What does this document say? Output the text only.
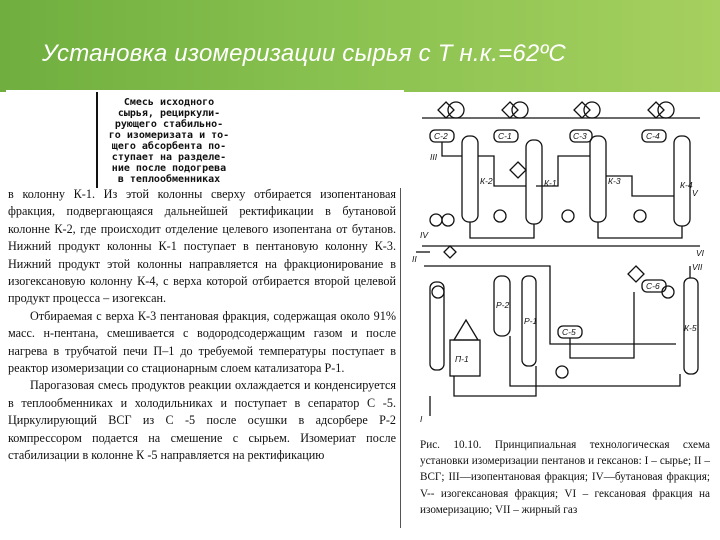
Установка изомеризации сырья с Т н.к.=62ºС
Смесь исходного
сырья, рециркули-
рующего стабильно-
го изомеризата и то-
щего абсорбента по-
ступает на разделе-
ние после подогрева
в теплообменниках

в колонну К-1. Из этой колонны сверху отбирается изопентановая фракция, подвергающаяся дальнейшей ректификации в бутановой колонне К-2, где происходит отделение целевого изопентана от бутанов. Нижний продукт колонны К-1 поступает в пентановую колонну К-3. Нижний продукт этой колонны направляется на фракционирование в изогексановую колонну К-4, с верха которой отбирается второй целевой продукт процесса – изогексан.

Отбираемая с верха К-3 пентановая фракция, содержащая около 91% масс. н-пентана, смешивается с водородсодержащим газом и после нагрева в трубчатой печи П–1 до требуемой температуры поступает в реактор изомеризации со стационарным слоем катализатора Р-1.

Парогазовая смесь продуктов реакции охлаждается и конденсируется в теплообменниках и холодильниках и поступает в сепаратор С -5. Циркулирующий ВСГ из С -5 после осушки в адсорбере Р-2 компрессором подается на смешение с сырьем. Изомериат после стабилизации в колонне К -5 направляется на ректификацию

С-2	С-1	С-3	С-4
С-6
С-5
К-2	К-1	К-3	К-4
К-5
Р-1
Р-2
П-1
I
II
III
IV
V
VI
VII
Рис. 10.10. Принципиальная технологическая схема установки изомеризации пентанов и гексанов: I – сырье; II – ВСГ; III—изопентановая фракция; IV—бутановая фракция; V-- изогексановая фракция; VI – гексановая фракция на изомеризацию; VII – жирный газ
